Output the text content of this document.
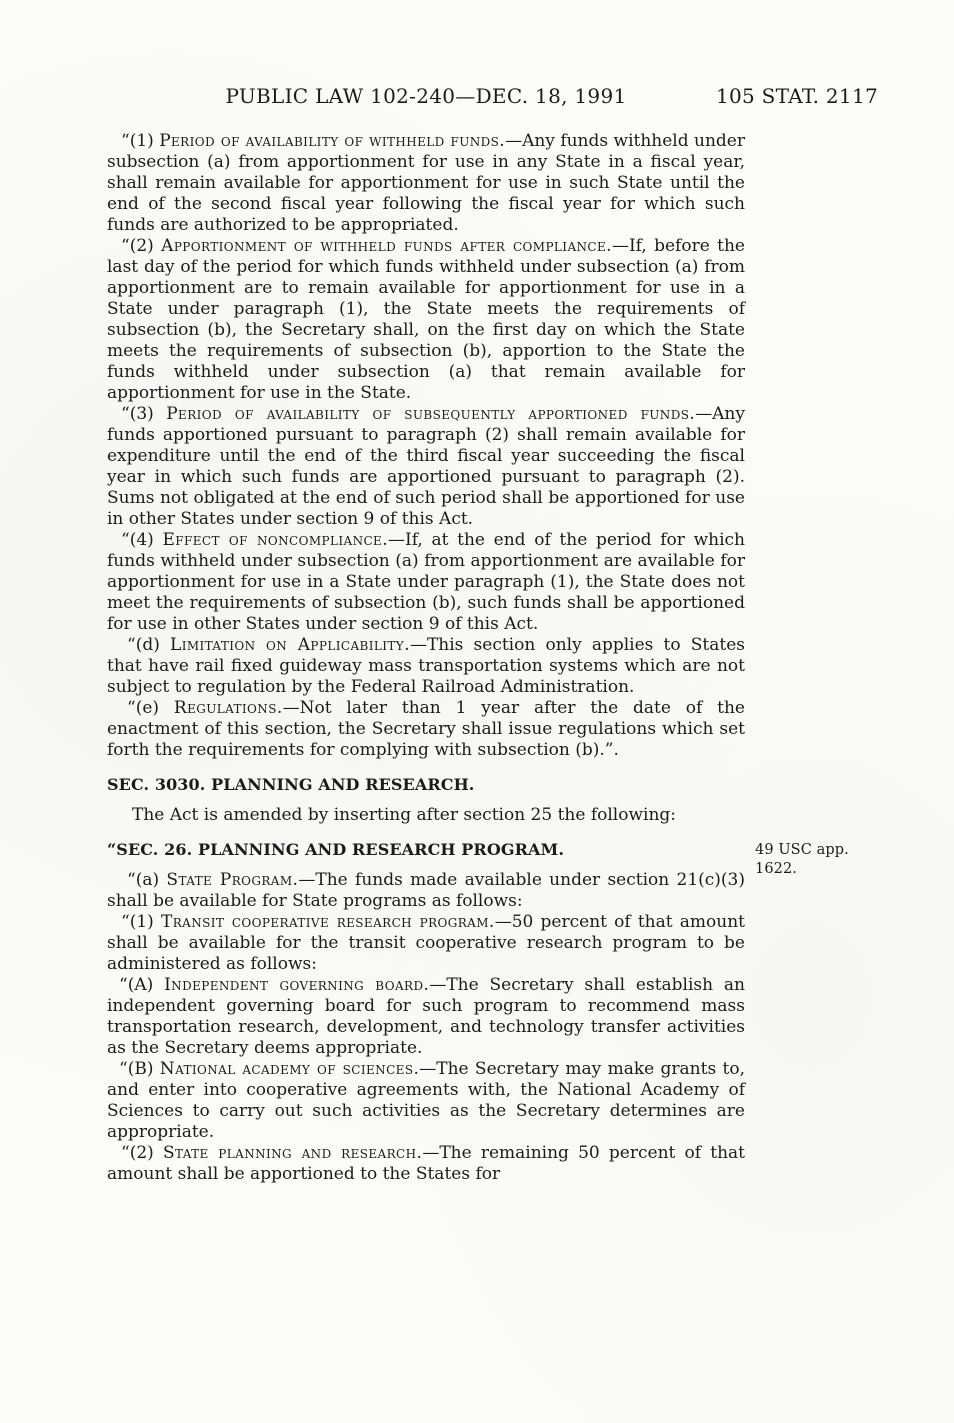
PUBLIC LAW 102-240—DEC. 18, 1991	105 STAT. 2117

“(1) Period of availability of withheld funds.—Any funds withheld under subsection (a) from apportionment for use in any State in a fiscal year, shall remain available for apportionment for use in such State until the end of the second fiscal year following the fiscal year for which such funds are authorized to be appropriated.

“(2) Apportionment of withheld funds after compliance.—If, before the last day of the period for which funds withheld under subsection (a) from apportionment are to remain available for apportionment for use in a State under paragraph (1), the State meets the requirements of subsection (b), the Secretary shall, on the first day on which the State meets the requirements of subsection (b), apportion to the State the funds withheld under subsection (a) that remain available for apportionment for use in the State.

“(3) Period of availability of subsequently apportioned funds.—Any funds apportioned pursuant to paragraph (2) shall remain available for expenditure until the end of the third fiscal year succeeding the fiscal year in which such funds are apportioned pursuant to paragraph (2). Sums not obligated at the end of such period shall be apportioned for use in other States under section 9 of this Act.

“(4) Effect of noncompliance.—If, at the end of the period for which funds withheld under subsection (a) from apportionment are available for apportionment for use in a State under paragraph (1), the State does not meet the requirements of subsection (b), such funds shall be apportioned for use in other States under section 9 of this Act.

“(d) Limitation on Applicability.—This section only applies to States that have rail fixed guideway mass transportation systems which are not subject to regulation by the Federal Railroad Administration.

“(e) Regulations.—Not later than 1 year after the date of the enactment of this section, the Secretary shall issue regulations which set forth the requirements for complying with subsection (b).”.

SEC. 3030. PLANNING AND RESEARCH.

The Act is amended by inserting after section 25 the following:

“SEC. 26. PLANNING AND RESEARCH PROGRAM.	49 USC app. 1622.

“(a) State Program.—The funds made available under section 21(c)(3) shall be available for State programs as follows:

“(1) Transit cooperative research program.—50 percent of that amount shall be available for the transit cooperative research program to be administered as follows:

“(A) Independent governing board.—The Secretary shall establish an independent governing board for such program to recommend mass transportation research, development, and technology transfer activities as the Secretary deems appropriate.

“(B) National academy of sciences.—The Secretary may make grants to, and enter into cooperative agreements with, the National Academy of Sciences to carry out such activities as the Secretary determines are appropriate.

“(2) State planning and research.—The remaining 50 percent of that amount shall be apportioned to the States for
